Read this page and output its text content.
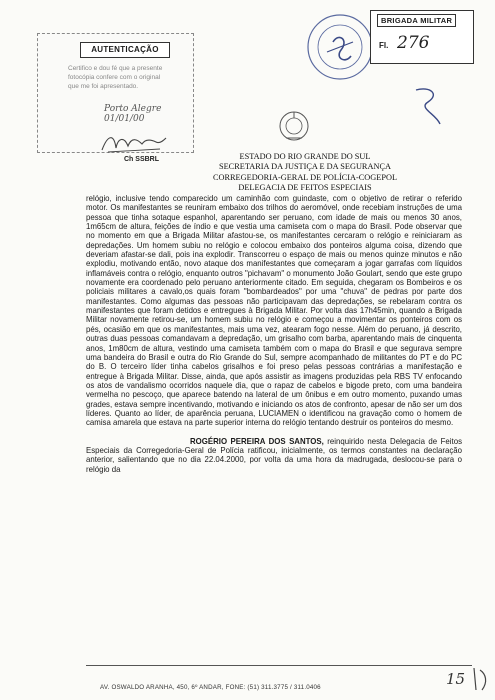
AUTENTICAÇÃO
Certifico e dou fé que a presente
fotocópia confere com o original
que me foi apresentado.
Porto Alegre 01/01/00
Ch SSBRL
BRIGADA MILITAR
Fl. 276
ESTADO DO RIO GRANDE DO SUL
SECRETARIA DA JUSTIÇA E DA SEGURANÇA
CORREGEDORIA-GERAL DE POLÍCIA-COGEPOL
DELEGACIA DE FEITOS ESPECIAIS

relógio, inclusive tendo comparecido um caminhão com guindaste, com o objetivo de retirar o referido motor. Os manifestantes se reuniram embaixo dos trilhos do aeromóvel, onde recebiam instruções de uma pessoa que tinha sotaque espanhol, aparentando ser peruano, com idade de mais ou menos 30 anos, 1m65cm de altura, feições de índio e que vestia uma camiseta com o mapa do Brasil. Pode observar que no momento em que a Brigada Militar afastou-se, os manifestantes cercaram o relógio e reiniciaram as depredações. Um homem subiu no relógio e colocou embaixo dos ponteiros alguma coisa, dizendo que deveriam afastar-se dali, pois ina explodir. Transcorreu o espaço de mais ou menos quinze minutos e não explodiu, motivando então, novo ataque dos manifestantes que começaram a jogar garrafas com líquidos inflamáveis contra o relógio, enquanto outros "pichavam" o monumento João Goulart, sendo que este grupo novamente era coordenado pelo peruano anteriormente citado. Em seguida, chegaram os Bombeiros e os policiais militares a cavalo,os quais foram "bombardeados" por uma "chuva" de pedras por parte dos manifestantes. Como algumas das pessoas não participavam das depredações, se rebelaram contra os manifestantes que foram detidos e entregues à Brigada Militar. Por volta das 17h45min, quando a Brigada Militar novamente retirou-se, um homem subiu no relógio e começou a movimentar os ponteiros com os pés, ocasião em que os manifestantes, mais uma vez, atearam fogo nesse. Além do peruano, já descrito, outras duas pessoas comandavam a depredação, um grisalho com barba, aparentando mais de cinquenta anos, 1m80cm de altura, vestindo uma camiseta também com o mapa do Brasil e que segurava sempre uma bandeira do Brasil e outra do Rio Grande do Sul, sempre acompanhado de militantes do PT e do PC do B. O terceiro líder tinha cabelos grisalhos e foi preso pelas pessoas contrárias a manifestação e entregue à Brigada Militar. Disse, ainda, que após assistir as imagens produzidas pela RBS TV enfocando os atos de vandalismo ocorridos naquele dia, que o rapaz de cabelos e bigode preto, com uma bandeira vermelha no pescoço, que aparece batendo na lateral de um ônibus e em outro momento, puxando umas grades, estava sempre incentivando, motivando e iniciando os atos de confronto, apesar de não ser um dos líderes. Quanto ao líder, de aparência peruana, LUCIAMEN o identificou na gravação como o homem de camisa amarela que estava na parte superior interna do relógio tentando destruir os ponteiros do mesmo.

ROGÉRIO PEREIRA DOS SANTOS, reinquirido nesta Delegacia de Feitos Especiais da Corregedoria-Geral de Polícia ratificou, inicialmente, os termos constantes na declaração anterior, salientando que no dia 22.04.2000, por volta da uma hora da madrugada, deslocou-se para o relógio da

AV. OSWALDO ARANHA, 450, 6º ANDAR, FONE: (51) 311.3775 / 311.0406	15
